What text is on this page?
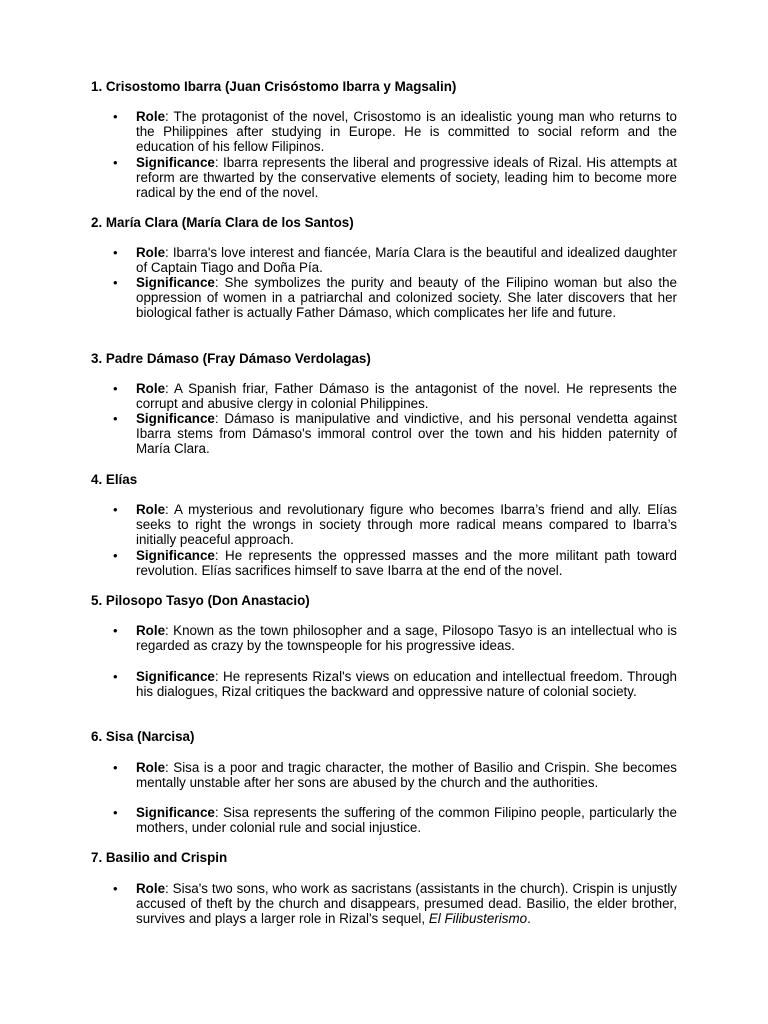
1. Crisostomo Ibarra (Juan Crisóstomo Ibarra y Magsalin)
• Role: The protagonist of the novel, Crisostomo is an idealistic young man who returns to the Philippines after studying in Europe. He is committed to social reform and the education of his fellow Filipinos.

• Significance: Ibarra represents the liberal and progressive ideals of Rizal. His attempts at reform are thwarted by the conservative elements of society, leading him to become more radical by the end of the novel.

2. María Clara (María Clara de los Santos)
• Role: Ibarra's love interest and fiancée, María Clara is the beautiful and idealized daughter of Captain Tiago and Doña Pía.

• Significance: She symbolizes the purity and beauty of the Filipino woman but also the oppression of women in a patriarchal and colonized society. She later discovers that her biological father is actually Father Dámaso, which complicates her life and future.

3. Padre Dámaso (Fray Dámaso Verdolagas)
• Role: A Spanish friar, Father Dámaso is the antagonist of the novel. He represents the corrupt and abusive clergy in colonial Philippines.

• Significance: Dámaso is manipulative and vindictive, and his personal vendetta against Ibarra stems from Dámaso's immoral control over the town and his hidden paternity of María Clara.

4. Elías
• Role: A mysterious and revolutionary figure who becomes Ibarra’s friend and ally. Elías seeks to right the wrongs in society through more radical means compared to Ibarra’s initially peaceful approach.

• Significance: He represents the oppressed masses and the more militant path toward revolution. Elías sacrifices himself to save Ibarra at the end of the novel.

5. Pilosopo Tasyo (Don Anastacio)
• Role: Known as the town philosopher and a sage, Pilosopo Tasyo is an intellectual who is regarded as crazy by the townspeople for his progressive ideas.

• Significance: He represents Rizal's views on education and intellectual freedom. Through his dialogues, Rizal critiques the backward and oppressive nature of colonial society.

6. Sisa (Narcisa)
• Role: Sisa is a poor and tragic character, the mother of Basilio and Crispin. She becomes mentally unstable after her sons are abused by the church and the authorities.

• Significance: Sisa represents the suffering of the common Filipino people, particularly the mothers, under colonial rule and social injustice.

7. Basilio and Crispin
• Role: Sisa's two sons, who work as sacristans (assistants in the church). Crispin is unjustly accused of theft by the church and disappears, presumed dead. Basilio, the elder brother, survives and plays a larger role in Rizal's sequel, El Filibusterismo.
